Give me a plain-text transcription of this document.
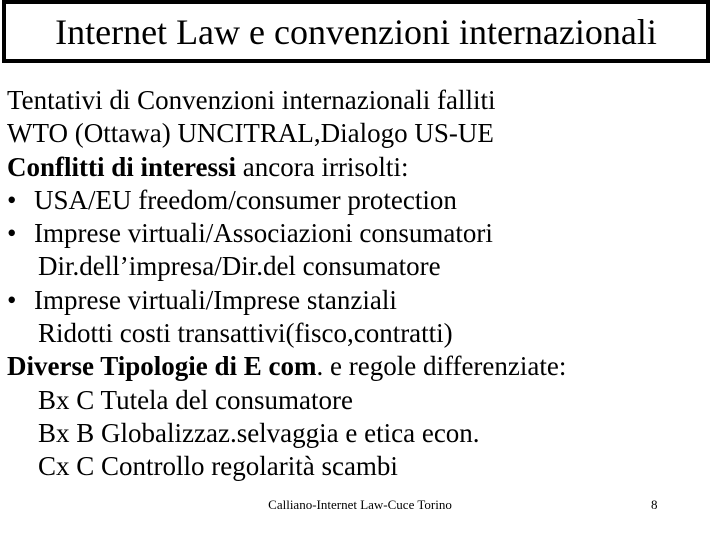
Internet Law e convenzioni internazionali
Tentativi di Convenzioni internazionali falliti
WTO (Ottawa) UNCITRAL,Dialogo US-UE
Conflitti di interessi ancora irrisolti:
• USA/EU freedom/consumer protection
• Imprese virtuali/Associazioni consumatori
Dir.dell’impresa/Dir.del consumatore
• Imprese virtuali/Imprese stanziali
Ridotti costi transattivi(fisco,contratti)
Diverse Tipologie di E com. e regole differenziate:
Bx C Tutela del consumatore
Bx B Globalizzaz.selvaggia e etica econ.
Cx C Controllo regolarità scambi
Calliano-Internet Law-Cuce Torino	8
